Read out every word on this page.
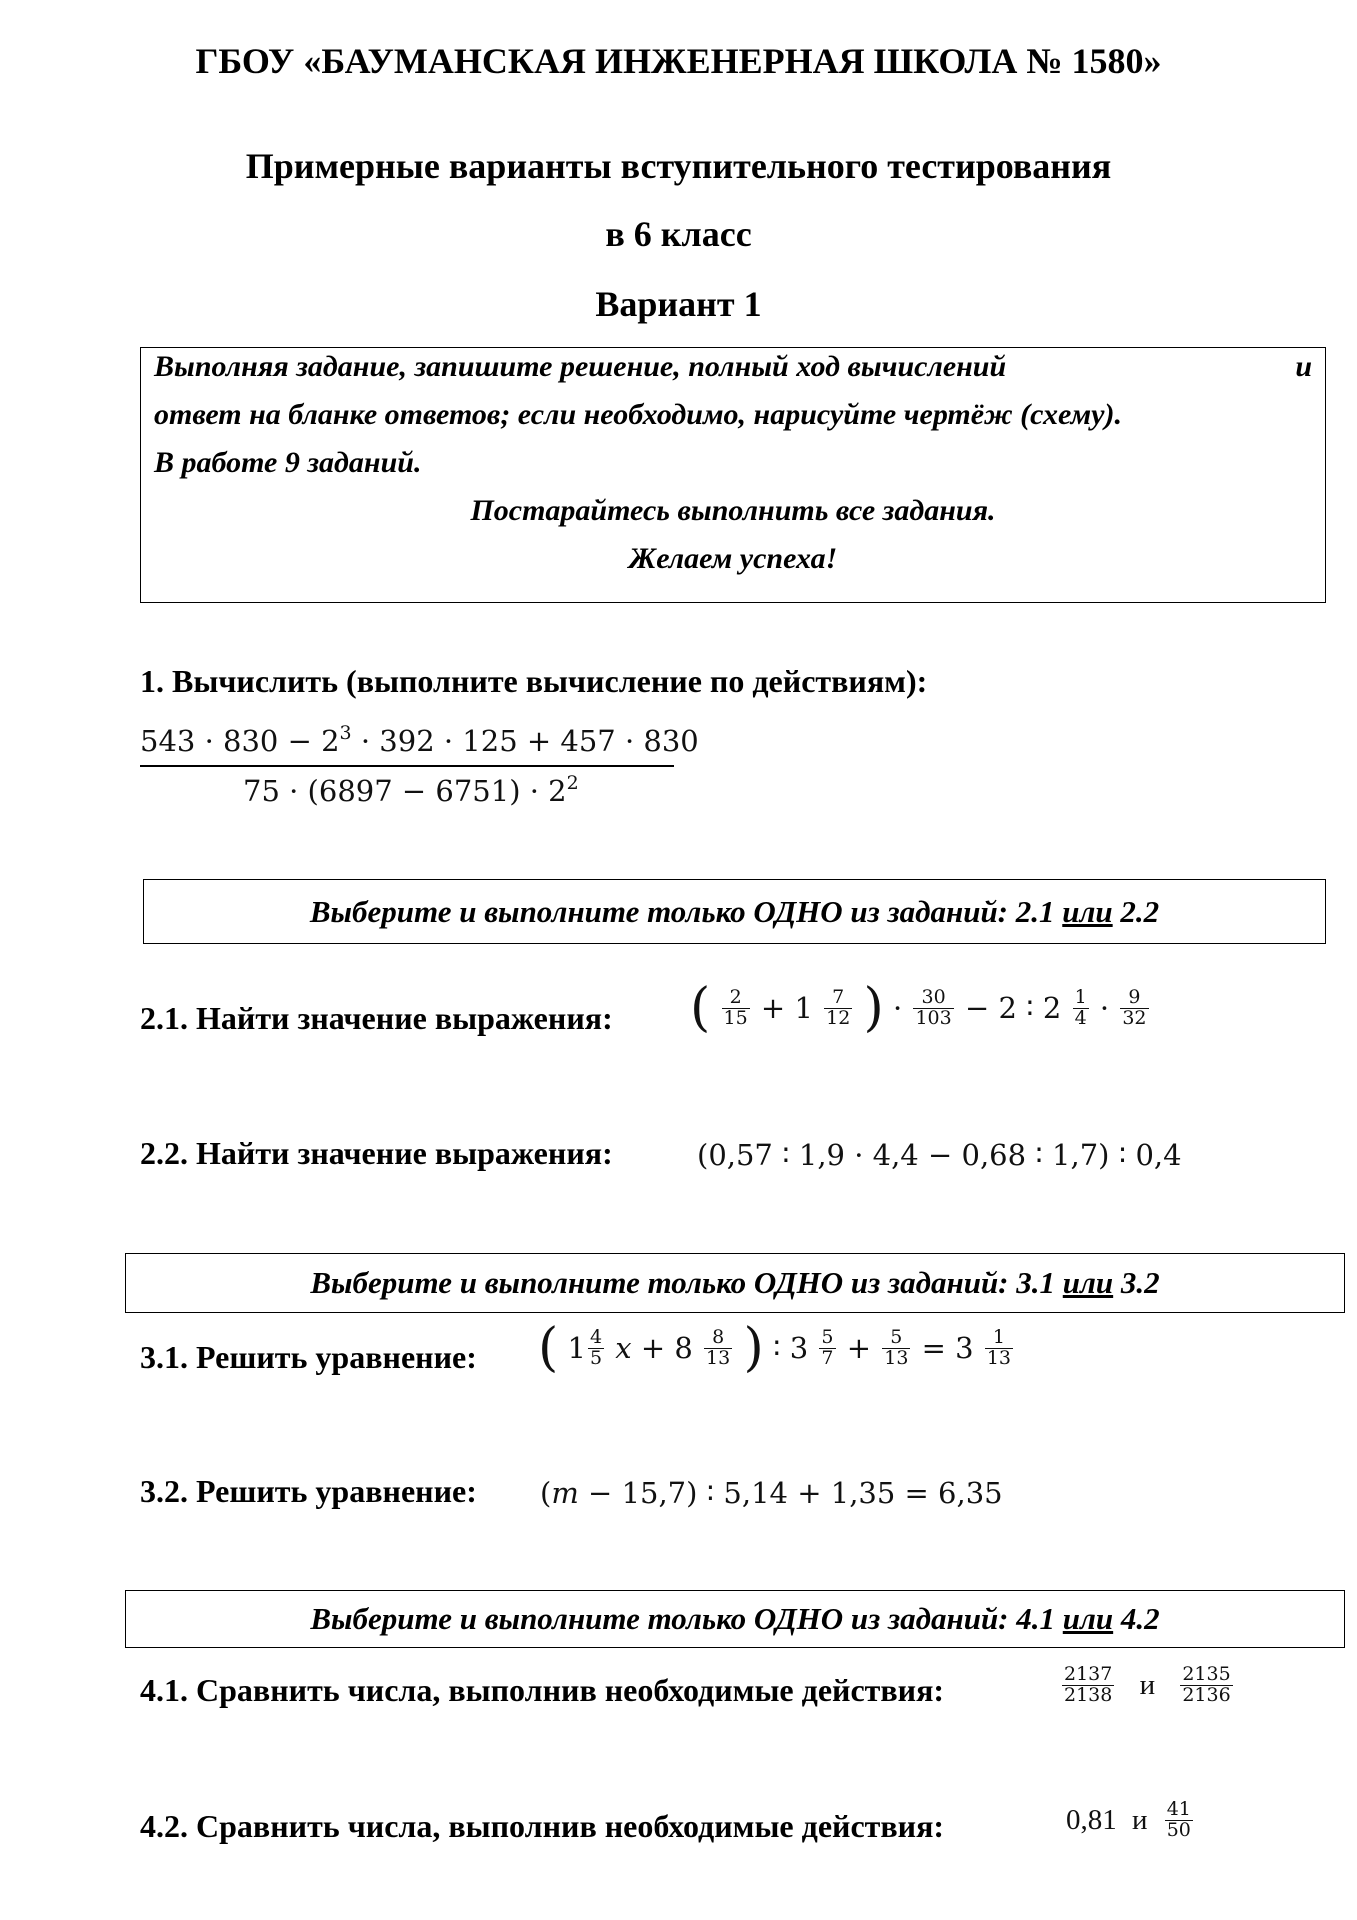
ГБОУ «БАУМАНСКАЯ ИНЖЕНЕРНАЯ ШКОЛА № 1580»
Примерные варианты вступительного тестирования
в 6 класс
Вариант 1
Выполняя задание, запишите решение, полный ход вычислений	и
ответ на бланке ответов; если необходимо, нарисуйте чертёж (схему).
В работе 9 заданий.
Постарайтесь выполнить все задания.
Желаем успеха!
1. Вычислить (выполните вычисление по действиям):
$543 \cdot 830 - 2^3 \cdot 392 \cdot 125 + 457 \cdot 830$
$75 \cdot (6897 - 6751) \cdot 2^2$
Выберите и выполните только ОДНО из заданий: 2.1 или 2.2
2.1. Найти значение выражения: ( $\frac{2}{15} + 1 \frac{7}{12}$ ) · $\frac{30}{103} - 2$ ∶ $2 \frac{1}{4} \cdot \frac{9}{32}$
2.2. Найти значение выражения:	(0,57 ∶ 1,9 · 4,4 − 0,68 ∶ 1,7) ∶ 0,4
Выберите и выполните только ОДНО из заданий: 3.1 или 3.2
3.1. Решить уравнение: ( $1 \frac{4}{5}$ $x + 8 \frac{8}{13}$ ) ∶ $3 \frac{5}{7} + \frac{5}{13} = 3 \frac{1}{13}$
3.2. Решить уравнение: (m − 15,7) ∶ 5,14 + 1,35 = 6,35
Выберите и выполните только ОДНО из заданий: 4.1 или 4.2
4.1. Сравнить числа, выполнив необходимые действия:	$\frac{2137}{2138}$ и $\frac{2135}{2136}$
4.2. Сравнить числа, выполнив необходимые действия:	0,81 и $\frac{41}{50}$
